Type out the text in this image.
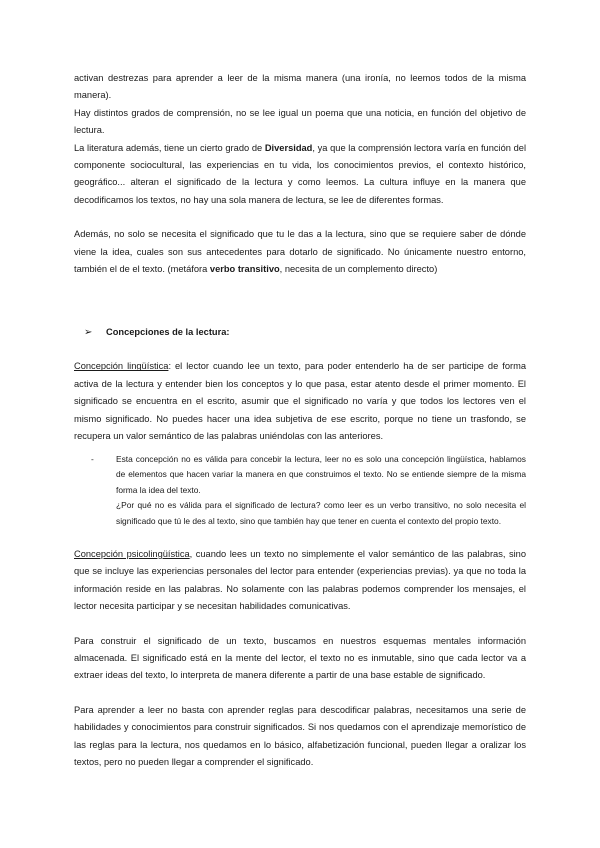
activan destrezas para aprender a leer de la misma manera (una ironía, no leemos todos de la misma manera).

Hay distintos grados de comprensión, no se lee igual un poema que una noticia, en función del objetivo de lectura.

La literatura además, tiene un cierto grado de Diversidad, ya que la comprensión lectora varía en función del componente sociocultural, las experiencias en tu vida, los conocimientos previos, el contexto histórico, geográfico... alteran el significado de la lectura y como leemos. La cultura influye en la manera que decodificamos los textos, no hay una sola manera de lectura, se lee de diferentes formas.

Además, no solo se necesita el significado que tu le das a la lectura, sino que se requiere saber de dónde viene la idea, cuales son sus antecedentes para dotarlo de significado. No únicamente nuestro entorno, también el de el texto. (metáfora verbo transitivo, necesita de un complemento directo)

➢	Concepciones de la lectura:

Concepción lingüística: el lector cuando lee un texto, para poder entenderlo ha de ser participe de forma activa de la lectura y entender bien los conceptos y lo que pasa, estar atento desde el primer momento. El significado se encuentra en el escrito, asumir que el significado no varía y que todos los lectores ven el mismo significado. No puedes hacer una idea subjetiva de ese escrito, porque no tiene un trasfondo, se recupera un valor semántico de las palabras uniéndolas con las anteriores.

-	Esta concepción no es válida para concebir la lectura, leer no es solo una concepción lingüística, hablamos de elementos que hacen variar la manera en que construimos el texto. No se entiende siempre de la misma forma la idea del texto.

¿Por qué no es válida para el significado de lectura? como leer es un verbo transitivo, no solo necesita el significado que tú le des al texto, sino que también hay que tener en cuenta el contexto del propio texto.

Concepción psicolingüística, cuando lees un texto no simplemente el valor semántico de las palabras, sino que se incluye las experiencias personales del lector para entender (experiencias previas). ya que no toda la información reside en las palabras. No solamente con las palabras podemos comprender los mensajes, el lector necesita participar y se necesitan habilidades comunicativas.

Para construir el significado de un texto, buscamos en nuestros esquemas mentales información almacenada. El significado está en la mente del lector, el texto no es inmutable, sino que cada lector va a extraer ideas del texto, lo interpreta de manera diferente a partir de una base estable de significado.

Para aprender a leer no basta con aprender reglas para descodificar palabras, necesitamos una serie de habilidades y conocimientos para construir significados. Si nos quedamos con el aprendizaje memorístico de las reglas para la lectura, nos quedamos en lo básico, alfabetización funcional, pueden llegar a oralizar los textos, pero no pueden llegar a comprender el significado.
